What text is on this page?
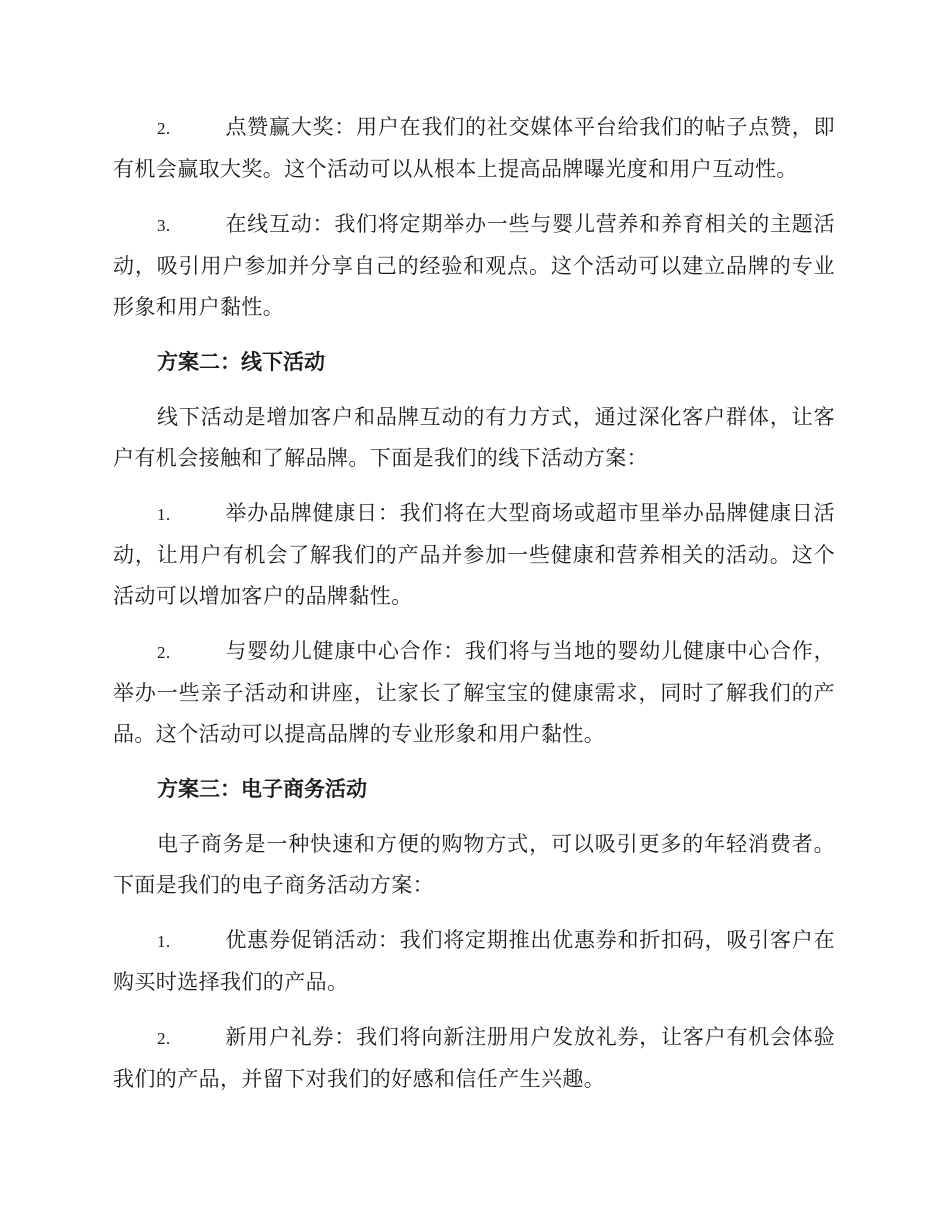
2.	点赞赢大奖：用户在我们的社交媒体平台给我们的帖子点赞，即有机会赢取大奖。这个活动可以从根本上提高品牌曝光度和用户互动性。

3.	在线互动：我们将定期举办一些与婴儿营养和养育相关的主题活动，吸引用户参加并分享自己的经验和观点。这个活动可以建立品牌的专业形象和用户黏性。

方案二：线下活动

线下活动是增加客户和品牌互动的有力方式，通过深化客户群体，让客户有机会接触和了解品牌。下面是我们的线下活动方案：

1.	举办品牌健康日：我们将在大型商场或超市里举办品牌健康日活动，让用户有机会了解我们的产品并参加一些健康和营养相关的活动。这个活动可以增加客户的品牌黏性。

2.	与婴幼儿健康中心合作：我们将与当地的婴幼儿健康中心合作，举办一些亲子活动和讲座，让家长了解宝宝的健康需求，同时了解我们的产品。这个活动可以提高品牌的专业形象和用户黏性。

方案三：电子商务活动

电子商务是一种快速和方便的购物方式，可以吸引更多的年轻消费者。下面是我们的电子商务活动方案：

1.	优惠券促销活动：我们将定期推出优惠券和折扣码，吸引客户在购买时选择我们的产品。

2.	新用户礼券：我们将向新注册用户发放礼券，让客户有机会体验我们的产品，并留下对我们的好感和信任产生兴趣。
